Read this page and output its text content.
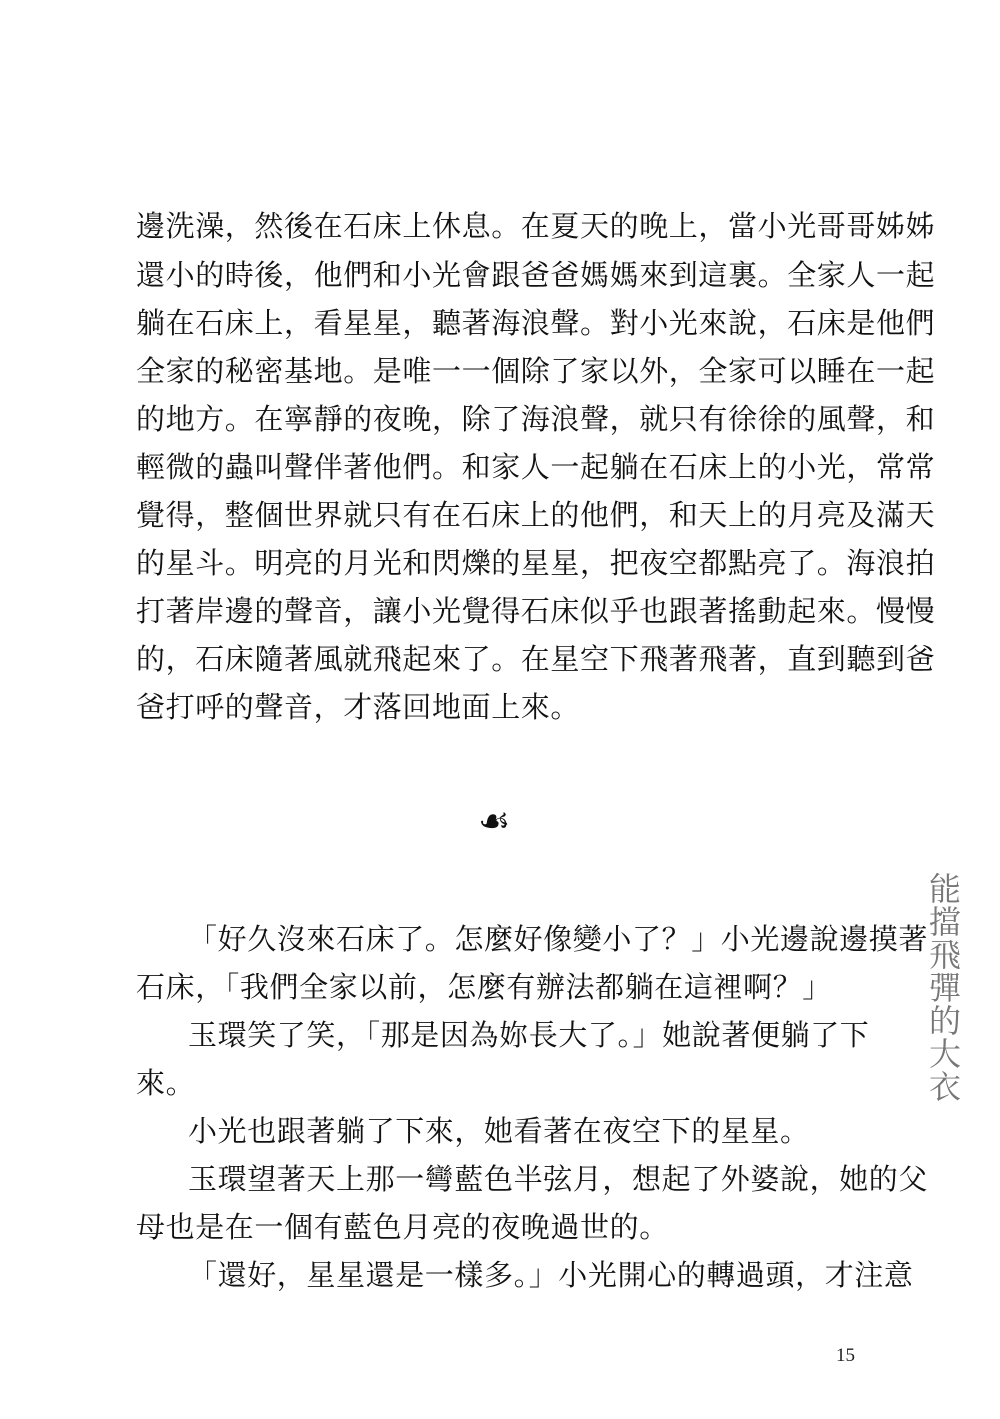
邊洗澡，然後在石床上休息。在夏天的晚上，當小光哥哥姊姊
還小的時後，他們和小光會跟爸爸媽媽來到這裏。全家人一起
躺在石床上，看星星，聽著海浪聲。對小光來說，石床是他們
全家的秘密基地。是唯一一個除了家以外，全家可以睡在一起
的地方。在寧靜的夜晚，除了海浪聲，就只有徐徐的風聲，和
輕微的蟲叫聲伴著他們。和家人一起躺在石床上的小光，常常
覺得，整個世界就只有在石床上的他們，和天上的月亮及滿天
的星斗。明亮的月光和閃爍的星星，把夜空都點亮了。海浪拍
打著岸邊的聲音，讓小光覺得石床似乎也跟著搖動起來。慢慢
的，石床隨著風就飛起來了。在星空下飛著飛著，直到聽到爸
爸打呼的聲音，才落回地面上來。
☙
「好久沒來石床了。怎麼好像變小了？」小光邊說邊摸著
石床，「我們全家以前，怎麼有辦法都躺在這裡啊？」
玉環笑了笑，「那是因為妳長大了。」她說著便躺了下
來。
小光也跟著躺了下來，她看著在夜空下的星星。
玉環望著天上那一彎藍色半弦月，想起了外婆說，她的父
母也是在一個有藍色月亮的夜晚過世的。
「還好，星星還是一樣多。」小光開心的轉過頭，才注意
能擋飛彈的大衣
15
